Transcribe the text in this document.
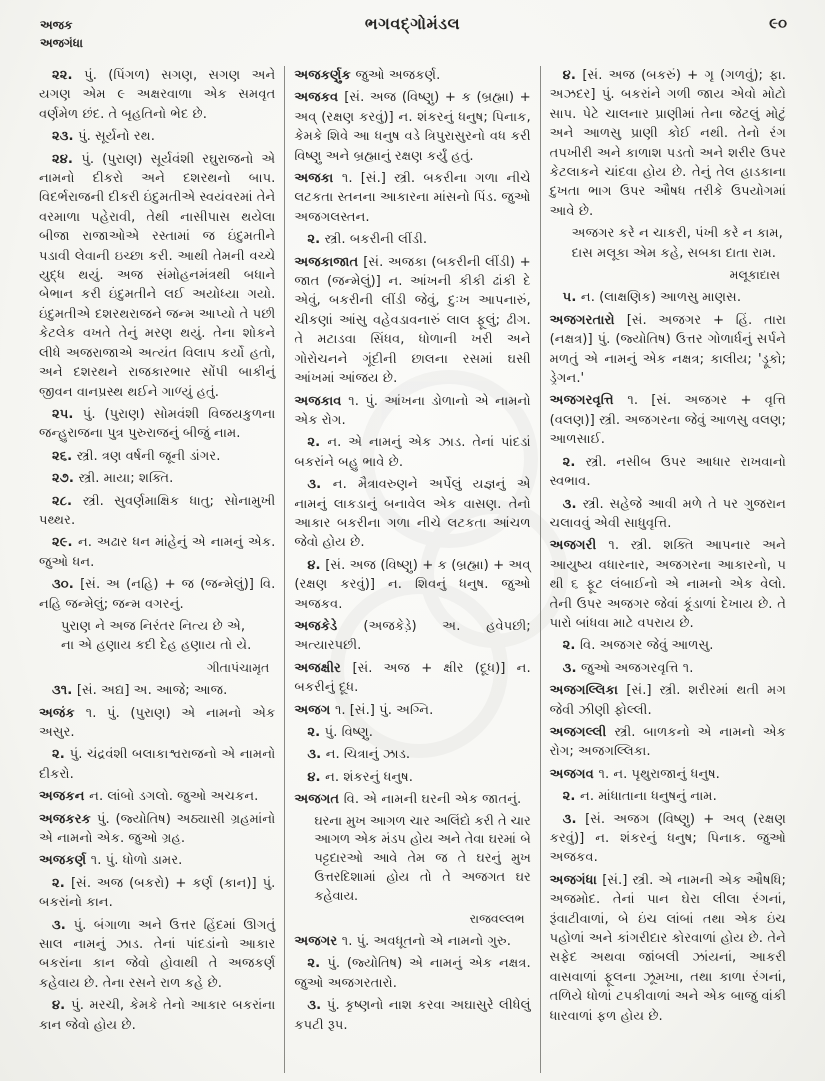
અજક
અજગંધા
ભગવદ્ગોમંડલ	૯૦
૨૨. પું. (પિંગળ) સગણ, સગણ અને યગણ એમ ૯ અક્ષરવાળા એક સમવૃત વર્ણમેળ છંદ. તે બૃહતિનો ભેદ છે.
૨૩. પું. સૂર્યનો રથ.
૨૪. પું. (પુરાણ) સૂર્યવંશી રઘુરાજનો એ નામનો દીકરો અને દશરથનો બાપ. વિદર્ભરાજની દીકરી ઇંદુમતીએ સ્વયંવરમાં તેને વરમાળા પહેરાવી, તેથી નાસીપાસ થયેલા બીજા રાજાઓએ રસ્તામાં જ ઇંદુમતીને પડાવી લેવાની ઇચ્છા કરી. આથી તેમની વચ્ચે યુદ્ધ થયું. અજ સંમોહનમંત્રથી બધાને બેભાન કરી ઇંદુમતીને લઈ અયોધ્યા ગયો. ઇંદુમતીએ દશરથરાજને જન્મ આપ્યો તે પછી કેટલેક વખતે તેનું મરણ થયું. તેના શોકને લીધે અજરાજાએ અત્યંત વિલાપ કર્યો હતો, અને દશરથને રાજકારભાર સોંપી બાકીનું જીવન વાનપ્રસ્થ થઈને ગાળ્યું હતું.
૨૫. પું. (પુરાણ) સોમવંશી વિજયકુળના જન્હુરાજના પુત્ર પુરુરાજનું બીજું નામ.
૨૬. સ્ત્રી. ત્રણ વર્ષની જૂની ડાંગર.
૨૭. સ્ત્રી. માયા; શક્તિ.
૨૮. સ્ત્રી. સુવર્ણમાક્ષિક ધાતુ; સોનામુખી પથ્થર.
૨૯. ન. અઢાર ધન માંહેનું એ નામનું એક. જુઓ ધન.
૩૦. [સં. અ (નહિ) + જ (જન્મેલું)] વિ. નહિ જન્મેલું; જન્મ વગરનું.
પુરાણ ને અજ નિરંતર નિત્ય છે એ,
ના એ હણાય કદી દેહ હણાય તો યે.
ગીતાપંચામૃત
૩૧. [સં. અદ્ય] અ. આજે; આજ.
અજંક ૧. પું. (પુરાણ) એ નામનો એક અસુર.
૨. પું. ચંદ્રવંશી બલાકાશ્વરાજનો એ નામનો દીકરો.
અજકન ન. લાંબો ડગલો. જુઓ અચકન.
અજકરક પું. (જ્યોતિષ) અઠ્યાસી ગ્રહમાંનો એ નામનો એક. જુઓ ગ્રહ.
અજકર્ણ ૧. પું. ધોળો ડામર.
૨. [સં. અજ (બકરો) + કર્ણ (કાન)] પું. બકરાંનો કાન.
૩. પું. બંગાળા અને ઉત્તર હિંદમાં ઊગતું સાલ નામનું ઝાડ. તેનાં પાંદડાંનો આકાર બકરાંના કાન જેવો હોવાથી તે અજકર્ણ કહેવાય છે. તેના રસને રાળ કહે છે.
૪. પું. મરચી, કેમકે તેનો આકાર બકરાંના કાન જેવો હોય છે.
અજકર્ણુક જુઓ અજકર્ણ.
અજકવ [સં. અજ (વિષ્ણુ) + ક (બ્રહ્મા) + અવ્ (રક્ષણ કરવું)] ન. શંકરનું ધનુષ; પિનાક, કેમકે શિવે આ ધનુષ વડે ત્રિપુરાસુરનો વધ કરી વિષ્ણુ અને બ્રહ્માનું રક્ષણ કર્યું હતું.
અજકા ૧. [સં.] સ્ત્રી. બકરીના ગળા નીચે લટકતા સ્તનના આકારના માંસનો પિંડ. જુઓ અજગલસ્તન.
૨. સ્ત્રી. બકરીની લીંડી.
અજકાજાત [સં. અજકા (બકરીની લીંડી) + જાત (જન્મેલું)] ન. આંખની કીકી ઢાંકી દે એવું, બકરીની લીંડી જેવું, દુઃખ આપનારું, ચીકણાં આંસુ વહેવડાવનારું લાલ ફૂલું; ઢીગ. તે મટાડવા સિંધવ, ધોળાની ખરી અને ગોરોચનને ગૂંદીની છાલના રસમાં ઘસી આંખમાં આંજય છે.
અજકાવ ૧. પું. આંખના ડોળાનો એ નામનો એક રોગ.
૨. ન. એ નામનું એક ઝાડ. તેનાં પાંદડાં બકરાંને બહુ ભાવે છે.
૩. ન. મૈત્રાવરુણને અર્પેલું યજ્ઞનું એ નામનું લાકડાનું બનાવેલ એક વાસણ. તેનો આકાર બકરીના ગળા નીચે લટકતા આંચળ જેવો હોય છે.
૪. [સં. અજ (વિષ્ણુ) + ક (બ્રહ્મા) + અવ્ (રક્ષણ કરવું)] ન. શિવનું ધનુષ. જુઓ અજકવ.
અજકેડે (અજકેડ઼ે) અ. હવેપછી; અત્યારપછી.
અજક્ષીર [સં. અજ + ક્ષીર (દૂધ)] ન. બકરીનું દૂધ.
અજગ ૧. [સં.] પું. અગ્નિ.
૨. પું. વિષ્ણુ.
૩. ન. ચિત્રાનું ઝાડ.
૪. ન. શંકરનું ધનુષ.
અજગત વિ. એ નામની ઘરની એક જાતનું.
ઘરના મુખ આગળ ચાર અલિંદો કરી તે ચાર આગળ એક મંડપ હોય અને તેવા ઘરમાં બે પટ્ટદારઓ આવે તેમ જ તે ઘરનું મુખ ઉત્તરદિશામાં હોય તો તે અજગત ઘર કહેવાય.
રાજવલ્લભ
અજગર ૧. પું. અવધૂતનો એ નામનો ગુરુ.
૨. પું. (જ્યોતિષ) એ નામનું એક નક્ષત્ર. જુઓ અજગરતારો.
૩. પું. કૃષ્ણનો નાશ કરવા અઘાસુરે લીધેલું કપટી રૂપ.
૪. [સં. અજ (બકરું) + ગૃ (ગળવું); ફા. અઝદર] પું. બકરાંને ગળી જાય એવો મોટો સાપ. પેટે ચાલનાર પ્રાણીમાં તેના જેટલું મોટું અને આળસુ પ્રાણી કોઈ નથી. તેનો રંગ તપખીરી અને કાળાશ પડતો અને શરીર ઉપર કેટલાકને ચાંદવા હોય છે. તેનું તેલ હાડકાના દુખતા ભાગ ઉપર ઔષધ તરીકે ઉપયોગમાં આવે છે.
અજગર કરે ન ચાકરી, પંખી કરે ન કામ,
દાસ મલૂકા એમ કહે, સબકા દાતા રામ.
મલૂકાદાસ
૫. ન. (લાક્ષણિક) આળસુ માણસ.
અજગરતારો [સં. અજગર + હિં. તારા (નક્ષત્ર)] પું. (જ્યોતિષ) ઉત્તર ગોળાર્ધનું સર્પને મળતું એ નામનું એક નક્ષત્ર; કાલીય; 'ડ્રૂકો; ડ્રેગન.'
અજગરવૃત્તિ ૧. [સં. અજગર + વૃત્તિ (વલણ)] સ્ત્રી. અજગરના જેવું આળસુ વલણ; આળસાઈ.
૨. સ્ત્રી. નસીબ ઉપર આધાર રાખવાનો સ્વભાવ.
૩. સ્ત્રી. સહેજે આવી મળે તે પર ગુજરાન ચલાવવું એવી સાધુવૃત્તિ.
અજગરી ૧. સ્ત્રી. શક્તિ આપનાર અને આયુષ્ય વધારનાર, અજગરના આકારનો, ૫ થી ૬ ફૂટ લંબાઈનો એ નામનો એક વેલો. તેની ઉપર અજગર જેવાં કૂંડાળાં દેખાય છે. તે પારો બાંધવા માટે વપરાય છે.
૨. વિ. અજગર જેવું આળસુ.
૩. જુઓ અજગરવૃત્તિ ૧.
અજગલ્લિકા [સં.] સ્ત્રી. શરીરમાં થતી મગ જેવી ઝીણી ફોલ્લી.
અજગલ્લી સ્ત્રી. બાળકનો એ નામનો એક રોગ; અજગલ્લિકા.
અજગવ ૧. ન. પૃથુરાજાનું ધનુષ.
૨. ન. માંધાતાના ધનુષનું નામ.
૩. [સં. અજગ (વિષ્ણુ) + અવ્ (રક્ષણ કરવું)] ન. શંકરનું ધનુષ; પિનાક. જુઓ અજકવ.
અજગંધા [સં.] સ્ત્રી. એ નામની એક ઔષધિ; અજમોદ. તેનાં પાન ઘેરા લીલા રંગનાં, રૂંવાટીવાળાં, બે ઇંચ લાંબાં તથા એક ઇંચ પહોળાં અને કાંગરીદાર કોરવાળાં હોય છે. તેને સફેદ અથવા જાંબલી ઝાંયનાં, આકરી વાસવાળાં ફૂલના ઝૂમખા, તથા કાળા રંગનાં, તળિયે ધોળાં ટપકીવાળાં અને એક બાજુ વાંકી ધારવાળાં ફળ હોય છે.
